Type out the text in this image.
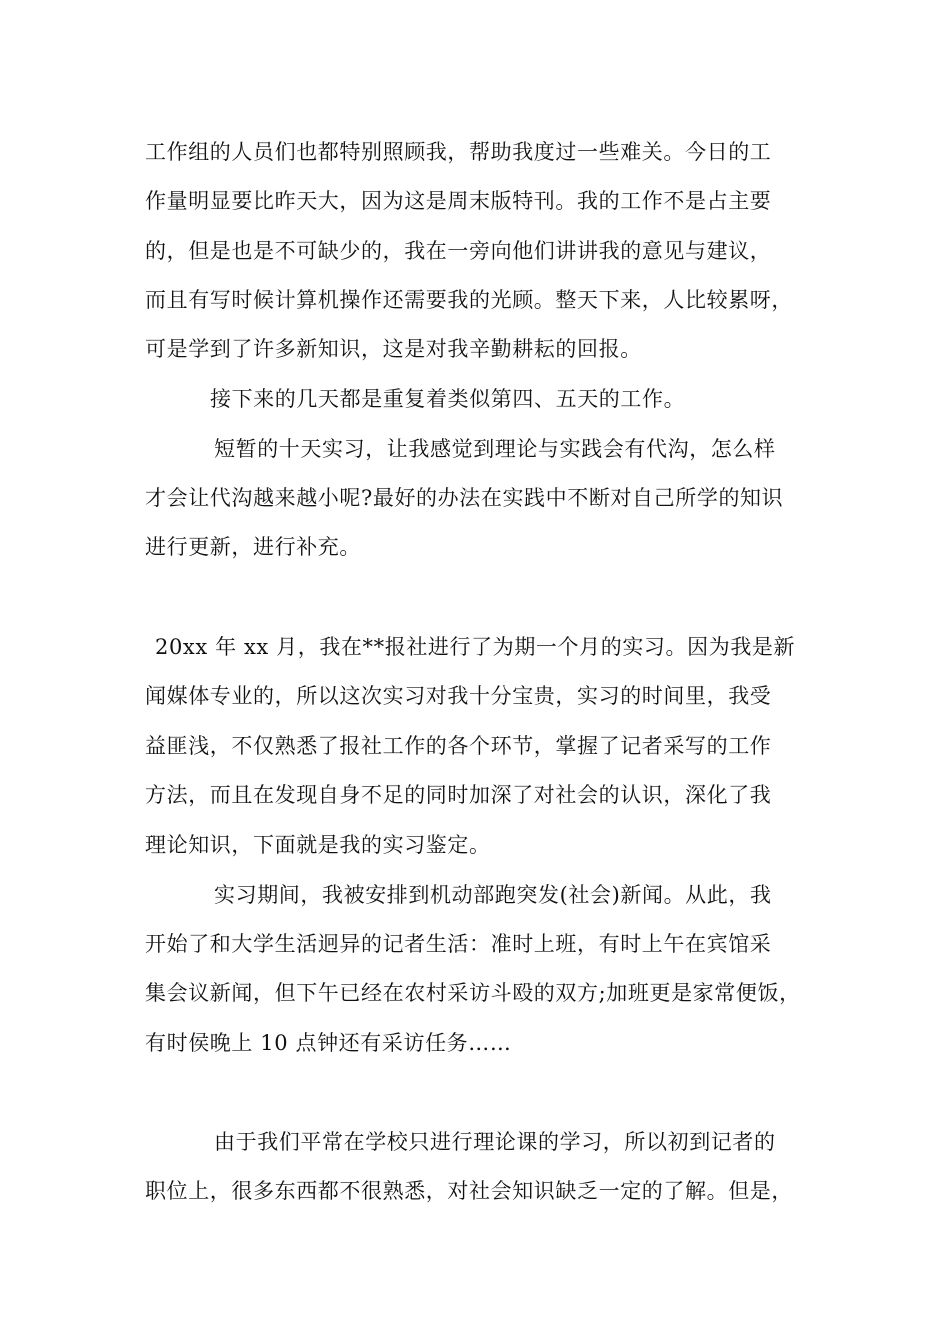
工作组的人员们也都特别照顾我，帮助我度过一些难关。今日的工
作量明显要比昨天大，因为这是周末版特刊。我的工作不是占主要
的，但是也是不可缺少的，我在一旁向他们讲讲我的意见与建议，
而且有写时候计算机操作还需要我的光顾。整天下来，人比较累呀，
可是学到了许多新知识，这是对我辛勤耕耘的回报。
接下来的几天都是重复着类似第四、五天的工作。
短暂的十天实习，让我感觉到理论与实践会有代沟，怎么样
才会让代沟越来越小呢?最好的办法在实践中不断对自己所学的知识
进行更新，进行补充。
20xx 年 xx 月，我在**报社进行了为期一个月的实习。因为我是新
闻媒体专业的，所以这次实习对我十分宝贵，实习的时间里，我受
益匪浅，不仅熟悉了报社工作的各个环节，掌握了记者采写的工作
方法，而且在发现自身不足的同时加深了对社会的认识，深化了我
理论知识，下面就是我的实习鉴定。
实习期间，我被安排到机动部跑突发(社会)新闻。从此，我
开始了和大学生活迥异的记者生活：准时上班，有时上午在宾馆采
集会议新闻，但下午已经在农村采访斗殴的双方;加班更是家常便饭，
有时侯晚上 10 点钟还有采访任务……
由于我们平常在学校只进行理论课的学习，所以初到记者的
职位上，很多东西都不很熟悉，对社会知识缺乏一定的了解。但是，
